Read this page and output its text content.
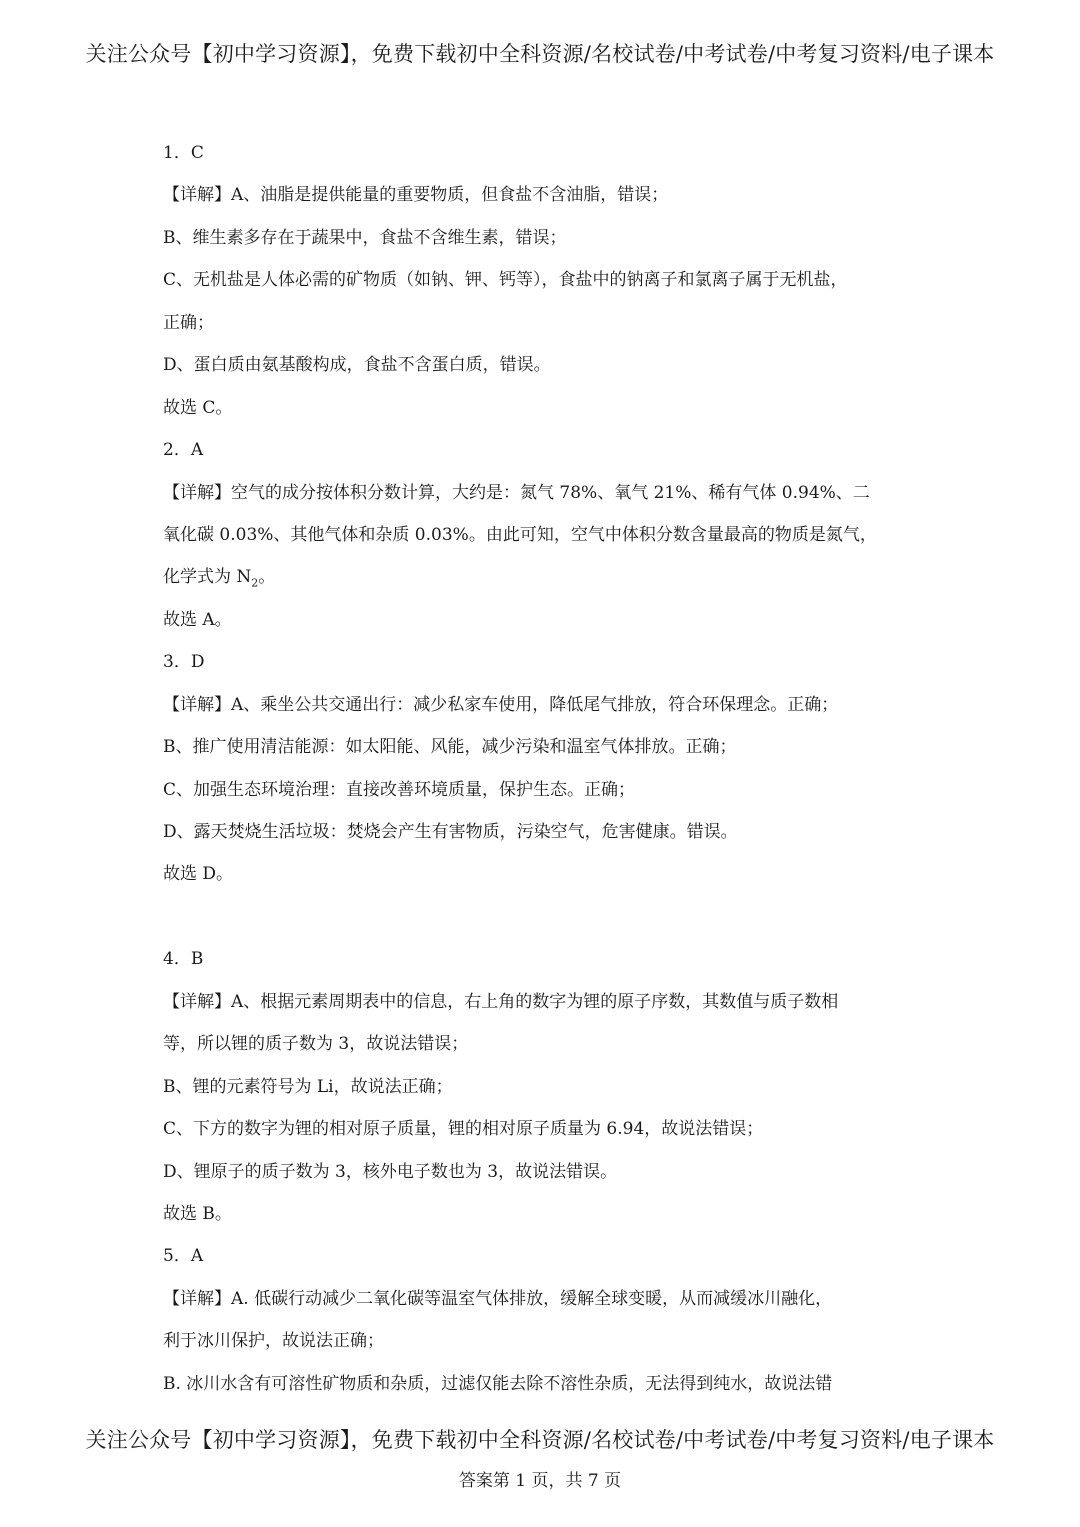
关注公众号【初中学习资源】，免费下载初中全科资源/名校试卷/中考试卷/中考复习资料/电子课本
1．C
【详解】A、油脂是提供能量的重要物质，但食盐不含油脂，错误；
B、维生素多存在于蔬果中，食盐不含维生素，错误；
C、无机盐是人体必需的矿物质（如钠、钾、钙等），食盐中的钠离子和氯离子属于无机盐，
正确；
D、蛋白质由氨基酸构成，食盐不含蛋白质，错误。
故选 C。
2．A
【详解】空气的成分按体积分数计算，大约是：氮气 78%、氧气 21%、稀有气体 0.94%、二
氧化碳 0.03%、其他气体和杂质 0.03%。由此可知，空气中体积分数含量最高的物质是氮气，
化学式为 $N_2$。
故选 A。
3．D
【详解】A、乘坐公共交通出行：减少私家车使用，降低尾气排放，符合环保理念。正确；
B、推广使用清洁能源：如太阳能、风能，减少污染和温室气体排放。正确；
C、加强生态环境治理：直接改善环境质量，保护生态。正确；
D、露天焚烧生活垃圾：焚烧会产生有害物质，污染空气，危害健康。错误。
故选 D。
4．B
【详解】A、根据元素周期表中的信息，右上角的数字为锂的原子序数，其数值与质子数相
等，所以锂的质子数为 3，故说法错误；
B、锂的元素符号为 Li，故说法正确；
C、下方的数字为锂的相对原子质量，锂的相对原子质量为 6.94，故说法错误；
D、锂原子的质子数为 3，核外电子数也为 3，故说法错误。
故选 B。
5．A
【详解】A. 低碳行动减少二氧化碳等温室气体排放，缓解全球变暖，从而减缓冰川融化，
利于冰川保护，故说法正确；
B. 冰川水含有可溶性矿物质和杂质，过滤仅能去除不溶性杂质，无法得到纯水，故说法错
关注公众号【初中学习资源】，免费下载初中全科资源/名校试卷/中考试卷/中考复习资料/电子课本
答案第 1 页，共 7 页
